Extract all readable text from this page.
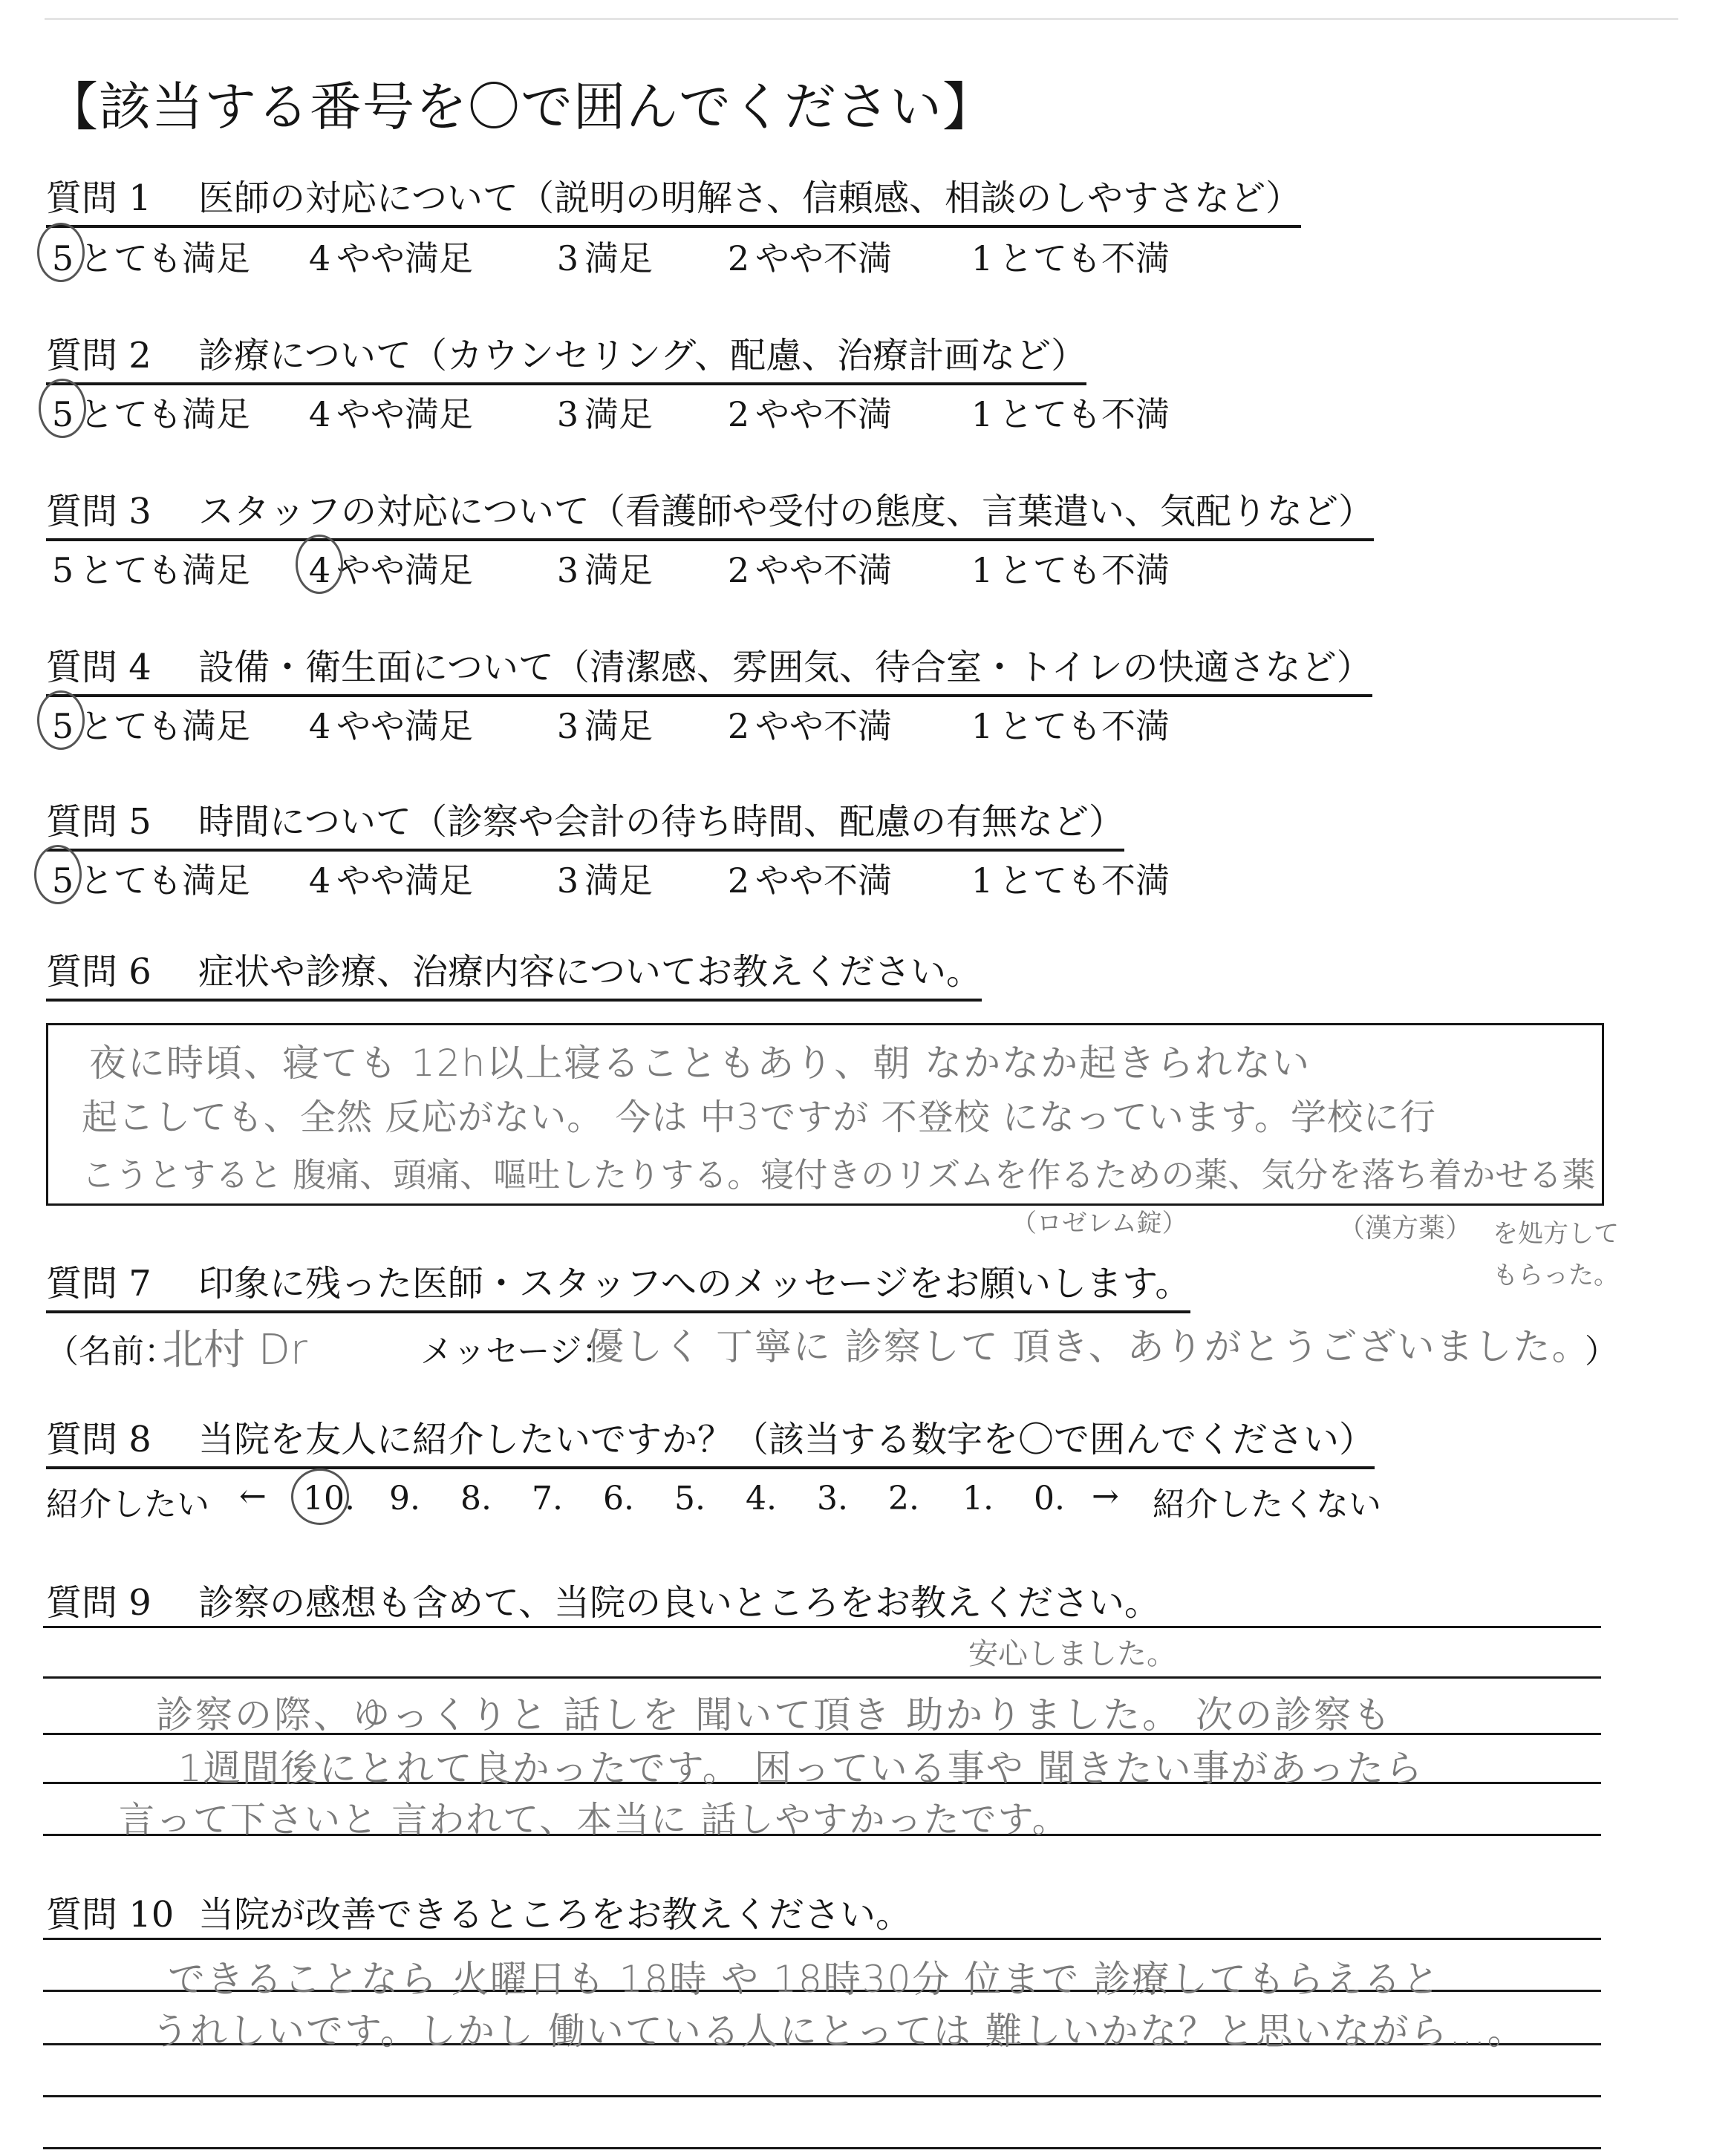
【該当する番号を〇で囲んでください】
質問 1 医師の対応について（説明の明解さ、信頼感、相談のしやすさなど）
5 とても満足 4 やや満足 3 満足 2 やや不満 1 とても不満
質問 2 診療について（カウンセリング、配慮、治療計画など）
5 とても満足 4 やや満足 3 満足 2 やや不満 1 とても不満
質問 3 スタッフの対応について（看護師や受付の態度、言葉遣い、気配りなど）
5 とても満足 4 やや満足 3 満足 2 やや不満 1 とても不満
質問 4 設備・衛生面について（清潔感、雰囲気、待合室・トイレの快適さなど）
5 とても満足 4 やや満足 3 満足 2 やや不満 1 とても不満
質問 5 時間について（診察や会計の待ち時間、配慮の有無など）
5 とても満足 4 やや満足 3 満足 2 やや不満 1 とても不満
質問 6 症状や診療、治療内容についてお教えください。
夜に時頃、寝ても 12h以上寝ることもあり、朝 なかなか起きられない
起こしても、全然 反応がない。 今は 中3ですが 不登校 になっています。学校に行
こうとすると 腹痛、頭痛、嘔吐したりする。寝付きのリズムを作るための薬、気分を落ち着かせる薬
（ロゼレム錠）	（漢方薬） を処方して
もらった。
質問 7 印象に残った医師・スタッフへのメッセージをお願いします。
（名前：
北村 Dr	メッセージ：
優しく 丁寧に 診察して 頂き、ありがとうございました。
）
質問 8 当院を友人に紹介したいですか？（該当する数字を〇で囲んでください）
紹介したい ← 10. 9. 8. 7. 6. 5. 4. 3. 2. 1. 0. → 紹介したくない
質問 9 診察の感想も含めて、当院の良いところをお教えください。
安心しました。
診察の際、ゆっくりと 話しを 聞いて頂き 助かりました。 次の診察も
1週間後にとれて良かったです。 困っている事や 聞きたい事があったら
言って下さいと 言われて、本当に 話しやすかったです。
質問 10 当院が改善できるところをお教えください。
できることなら 火曜日も 18時 や 18時30分 位まで 診療してもらえると
うれしいです。しかし 働いている人にとっては 難しいかな？と思いながら…。
